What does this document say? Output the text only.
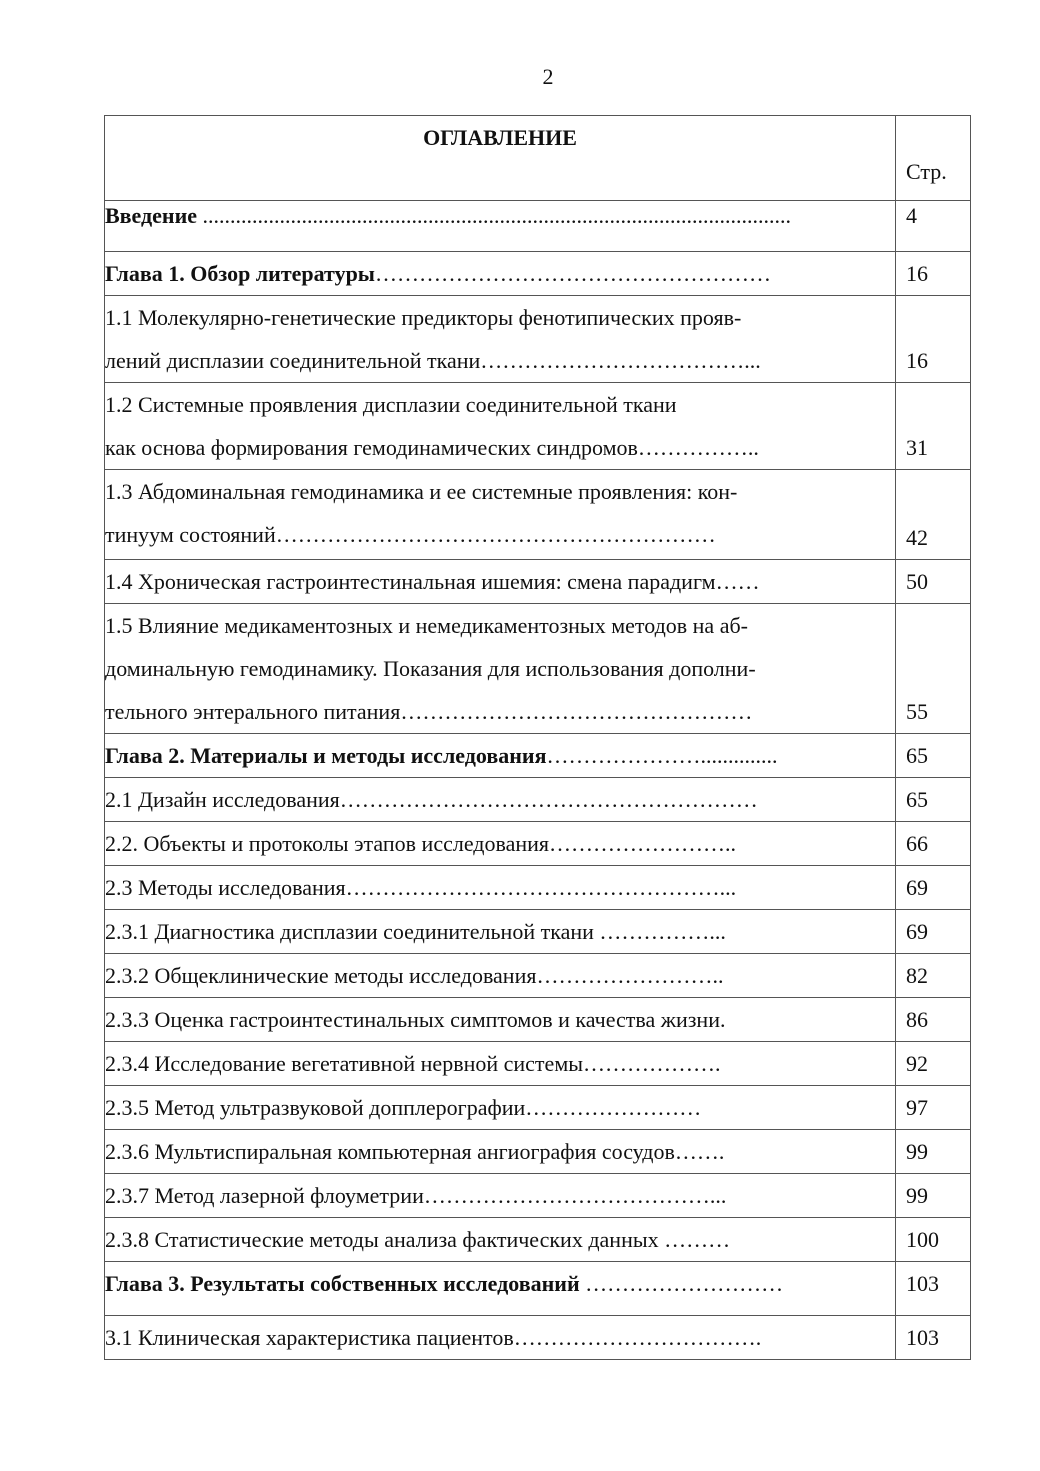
2
ОГЛАВЛЕНИЕ	Стр.
Введение ...........................................................................................................	4
Глава 1. Обзор литературы………………………………………………	16

1.1 Молекулярно-генетические предикторы фенотипических прояв-
лений дисплазии соединительной ткани………………………………...	16

1.2 Системные проявления дисплазии соединительной ткани
как основа формирования гемодинамических синдромов……………..	31

1.3 Абдоминальная гемодинамика и ее системные проявления: кон-
тинуум состояний……………………………………………………	42
1.4 Хроническая гастроинтестинальная ишемия: смена парадигм……	50

1.5 Влияние медикаментозных и немедикаментозных методов на аб-
доминальную гемодинамику. Показания для использования дополни-
тельного энтерального питания…………………………………………	55
Глава 2. Материалы и методы исследования…………………..............	65
2.1 Дизайн исследования…………………………………………………	65
2.2. Объекты и протоколы этапов исследования……………………..	66
2.3 Методы исследования……………………………………………...	69
2.3.1 Диагностика дисплазии соединительной ткани ……………...	69
2.3.2 Общеклинические методы исследования……………………..	82
2.3.3 Оценка гастроинтестинальных симптомов и качества жизни.	86
2.3.4 Исследование вегетативной нервной системы……………….	92
2.3.5 Метод ультразвуковой допплерографии……………………	97
2.3.6 Мультиспиральная компьютерная ангиография сосудов…….	99
2.3.7 Метод лазерной флоуметрии…………………………………...	99
2.3.8 Статистические методы анализа фактических данных ………	100
Глава 3. Результаты собственных исследований ………………………	103
3.1 Клиническая характеристика пациентов…………………………….	103
